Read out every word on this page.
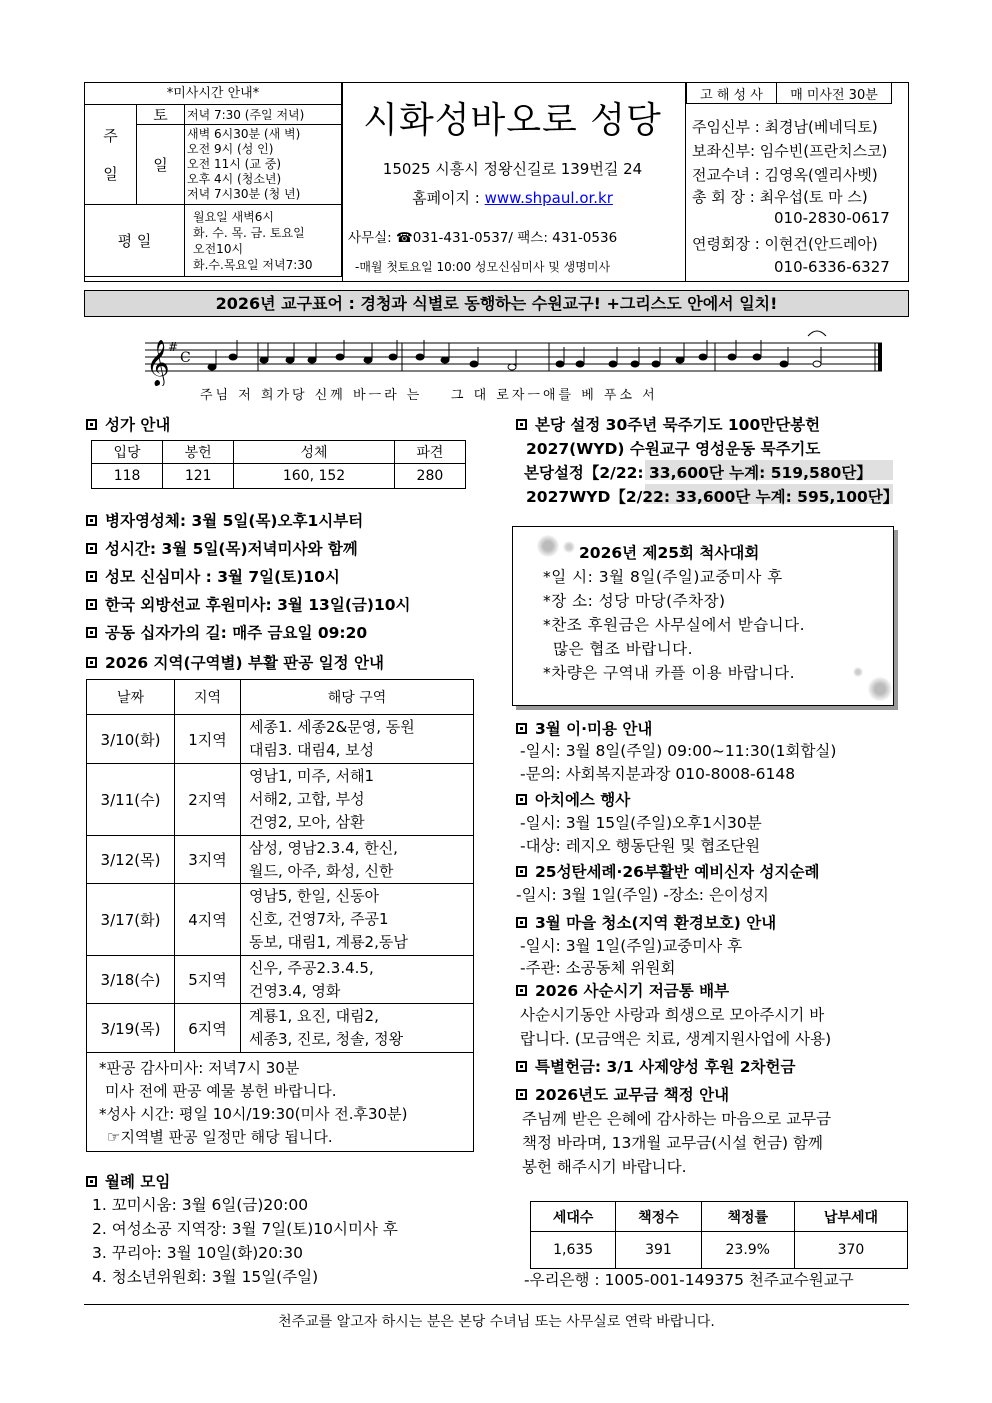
*미사시간 안내*		
주
일	토	저녁 7:30 (주일 저녁)
	일	새벽 6시30분 (새 벽)
오전 9시 (성 인)
오전 11시 (교 중)
오후 4시 (청소년)
저녁 7시30분 (청 년)

평 일		월요일 새벽6시
화. 수. 목. 금. 토요일
오전10시
화.수.목요일 저녁7:30
시화성바오로 성당
15025 시흥시 정왕신길로 139번길 24
홈페이지 : www.shpaul.or.kr
사무실: ☎031-431-0537/ 팩스: 431-0536
-매월 첫토요일 10:00 성모신심미사 및 생명미사
고 해 성 사	매 미사전 30분
주임신부 : 최경남(베네딕토)
보좌신부: 임수빈(프란치스코)
전교수녀 : 김영옥(엘리사벳)
총 회 장 : 최우섭(토 마 스)
010-2830-0617
연령회장 : 이현건(안드레아)
010-6336-6327
2026년 교구표어 : 경청과 식별로 동행하는 수원교구! +그리스도 안에서 일치!
𝄞
#
C
주님 저 희가당 신께 바ㅡ라 는    그 대 로자ㅡ애를 베 푸소 서
성가 안내
입당	봉헌	성체	파견
118	121	160, 152	280
병자영성체: 3월 5일(목)오후1시부터
성시간: 3월 5일(목)저녁미사와 함께
성모 신심미사 : 3월 7일(토)10시
한국 외방선교 후원미사: 3월 13일(금)10시
공동 십자가의 길: 매주 금요일 09:20
2026 지역(구역별) 부활 판공 일정 안내
날짜	지역	해당 구역
3/10(화)	1지역	세종1. 세종2&문영, 동원
대림3. 대림4, 보성

3/11(수)	2지역	영남1, 미주, 서해1
서해2, 고합, 부성
건영2, 모아, 삼환

3/12(목)	3지역	삼성, 영남2.3.4, 한신,
월드, 아주, 화성, 신한

3/17(화)	4지역	영남5, 한일, 신동아
신호, 건영7차, 주공1
동보, 대림1, 계룡2,동남

3/18(수)	5지역	신우, 주공2.3.4.5,
건영3.4, 영화

3/19(목)	6지역	계룡1, 요진, 대림2,
세종3, 진로, 청솔, 정왕

*판공 감사미사: 저녁7시 30분
미사 전에 판공 예물 봉헌 바랍니다.
*성사 시간: 평일 10시/19:30(미사 전.후30분)
☞지역별 판공 일정만 해당 됩니다.		
월례 모임
1. 꼬미시움: 3월 6일(금)20:00
2. 여성소공 지역장: 3월 7일(토)10시미사 후
3. 꾸리아: 3월 10일(화)20:30
4. 청소년위원회: 3월 15일(주일)
본당 설정 30주년 묵주기도 100만단봉헌
2027(WYD) 수원교구 영성운동 묵주기도
본당설정【2/22: 33,600단 누계: 519,580단】
2027WYD【2/22: 33,600단 누계: 595,100단】
2026년 제25회 척사대회
*일 시: 3월 8일(주일)교중미사 후
*장 소: 성당 마당(주차장)
*찬조 후원금은 사무실에서 받습니다.
많은 협조 바랍니다.
*차량은 구역내 카플 이용 바랍니다.
3월 이·미용 안내
-일시: 3월 8일(주일) 09:00~11:30(1회합실)
-문의: 사회복지분과장 010-8008-6148
아치에스 행사
-일시: 3월 15일(주일)오후1시30분
-대상: 레지오 행동단원 및 협조단원
25성탄세례·26부활반 예비신자 성지순례
-일시: 3월 1일(주일) -장소: 은이성지
3월 마을 청소(지역 환경보호) 안내
-일시: 3월 1일(주일)교중미사 후
-주관: 소공동체 위원회
2026 사순시기 저금통 배부
사순시기동안 사랑과 희생으로 모아주시기 바
랍니다. (모금액은 치료, 생계지원사업에 사용)
특별헌금: 3/1 사제양성 후원 2차헌금
2026년도 교무금 책정 안내
주님께 받은 은혜에 감사하는 마음으로 교무금
책정 바라며, 13개월 교무금(시설 헌금) 함께
봉헌 해주시기 바랍니다.
세대수	책정수	책정률	납부세대
1,635	391	23.9%	370
-우리은행 : 1005-001-149375 천주교수원교구
천주교를 알고자 하시는 분은 본당 수녀님 또는 사무실로 연락 바랍니다.
